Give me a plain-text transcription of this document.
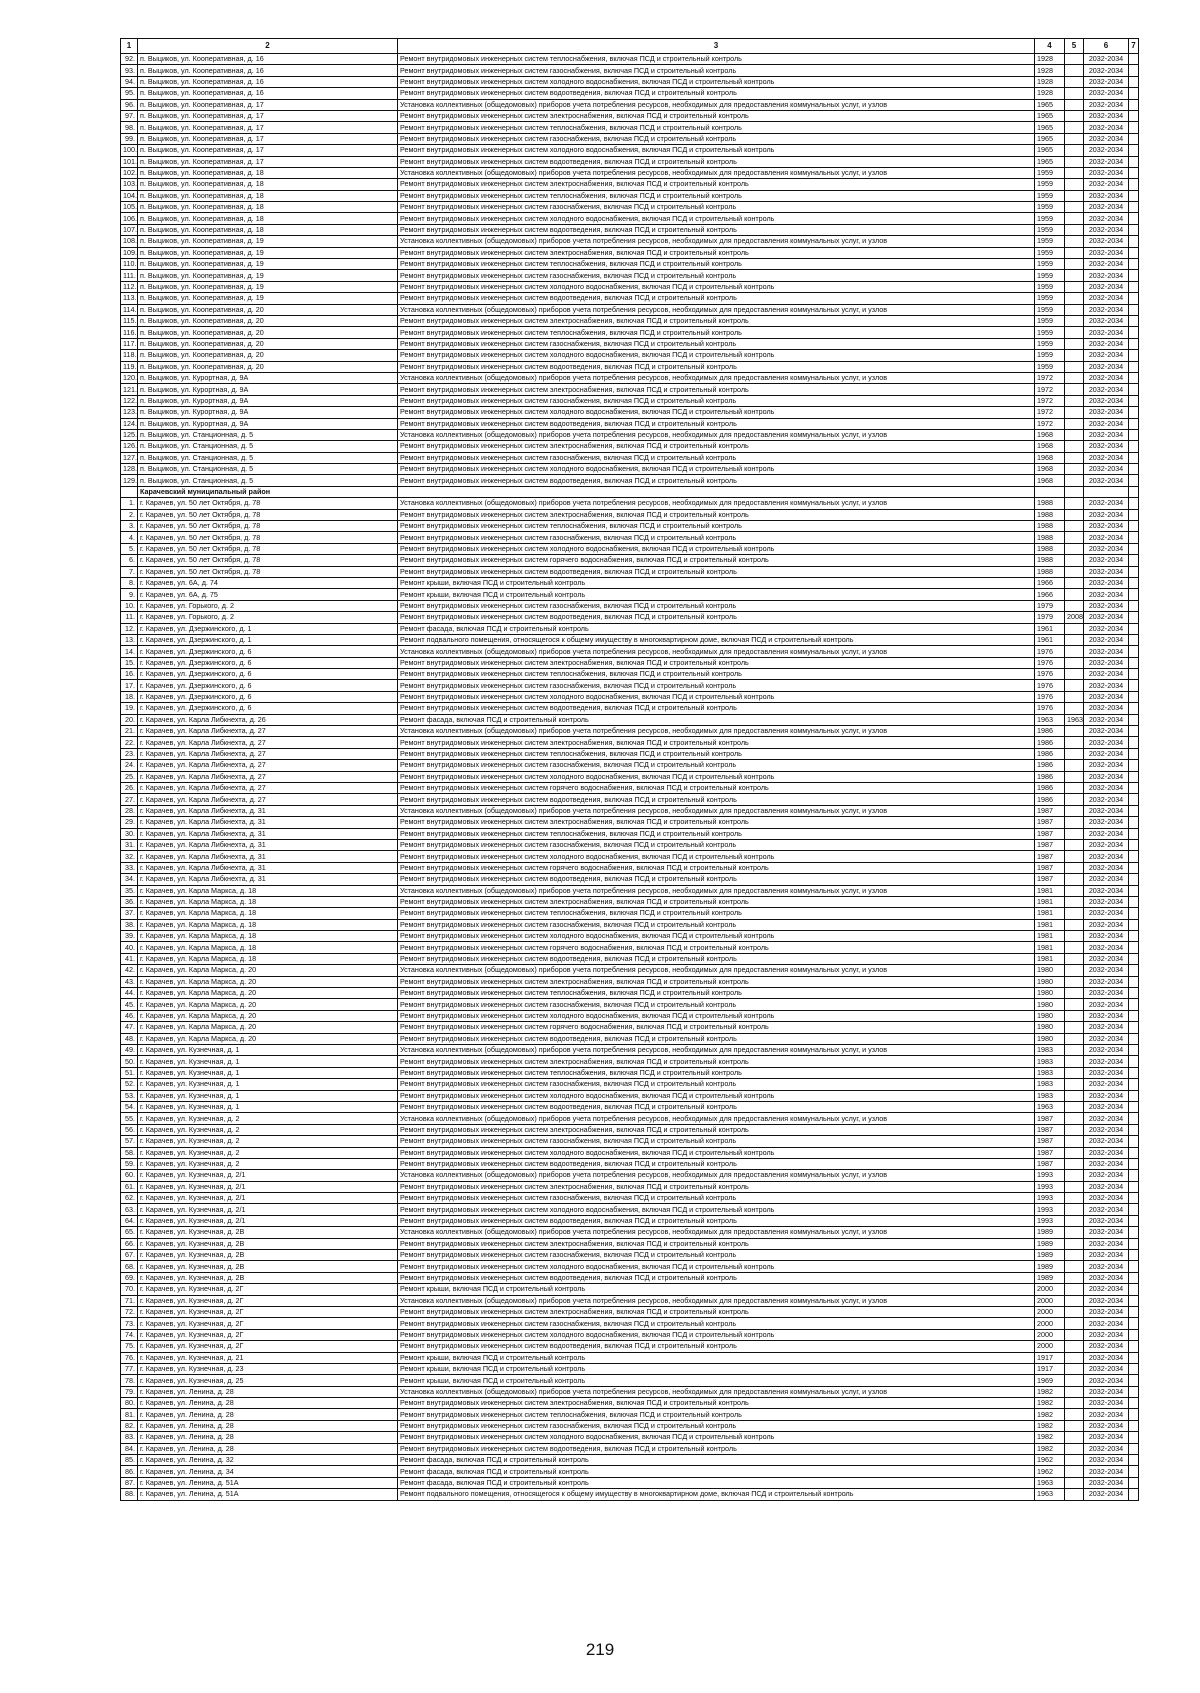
1	2	3	4	5	6	7
92.	п. Выциков, ул. Кооперативная, д. 16	Ремонт внутридомовых инженерных систем теплоснабжения, включая ПСД и строительный контроль	1928		2032-2034	
93.	п. Выциков, ул. Кооперативная, д. 16	Ремонт внутридомовых инженерных систем газоснабжения, включая ПСД и строительный контроль	1928		2032-2034	
94.	п. Выциков, ул. Кооперативная, д. 16	Ремонт внутридомовых инженерных систем холодного водоснабжения, включая ПСД и строительный контроль	1928		2032-2034	
95.	п. Выциков, ул. Кооперативная, д. 16	Ремонт внутридомовых инженерных систем водоотведения, включая ПСД и строительный контроль	1928		2032-2034	
96.	п. Выциков, ул. Кооперативная, д. 17	Установка коллективных (общедомовых) приборов учета потребления ресурсов, необходимых для предоставления коммунальных услуг, и узлов	1965		2032-2034	
97.	п. Выциков, ул. Кооперативная, д. 17	Ремонт внутридомовых инженерных систем электроснабжения, включая ПСД и строительный контроль	1965		2032-2034	
98.	п. Выциков, ул. Кооперативная, д. 17	Ремонт внутридомовых инженерных систем теплоснабжения, включая ПСД и строительный контроль	1965		2032-2034	
99.	п. Выциков, ул. Кооперативная, д. 17	Ремонт внутридомовых инженерных систем газоснабжения, включая ПСД и строительный контроль	1965		2032-2034	
100.	п. Выциков, ул. Кооперативная, д. 17	Ремонт внутридомовых инженерных систем холодного водоснабжения, включая ПСД и строительный контроль	1965		2032-2034	
101.	п. Выциков, ул. Кооперативная, д. 17	Ремонт внутридомовых инженерных систем водоотведения, включая ПСД и строительный контроль	1965		2032-2034	
102.	п. Выциков, ул. Кооперативная, д. 18	Установка коллективных (общедомовых) приборов учета потребления ресурсов, необходимых для предоставления коммунальных услуг, и узлов	1959		2032-2034	
103.	п. Выциков, ул. Кооперативная, д. 18	Ремонт внутридомовых инженерных систем электроснабжения, включая ПСД и строительный контроль	1959		2032-2034	
104.	п. Выциков, ул. Кооперативная, д. 18	Ремонт внутридомовых инженерных систем теплоснабжения, включая ПСД и строительный контроль	1959		2032-2034	
105.	п. Выциков, ул. Кооперативная, д. 18	Ремонт внутридомовых инженерных систем газоснабжения, включая ПСД и строительный контроль	1959		2032-2034	
106.	п. Выциков, ул. Кооперативная, д. 18	Ремонт внутридомовых инженерных систем холодного водоснабжения, включая ПСД и строительный контроль	1959		2032-2034	
107.	п. Выциков, ул. Кооперативная, д. 18	Ремонт внутридомовых инженерных систем водоотведения, включая ПСД и строительный контроль	1959		2032-2034	
108.	п. Выциков, ул. Кооперативная, д. 19	Установка коллективных (общедомовых) приборов учета потребления ресурсов, необходимых для предоставления коммунальных услуг, и узлов	1959		2032-2034	
109.	п. Выциков, ул. Кооперативная, д. 19	Ремонт внутридомовых инженерных систем электроснабжения, включая ПСД и строительный контроль	1959		2032-2034	
110.	п. Выциков, ул. Кооперативная, д. 19	Ремонт внутридомовых инженерных систем теплоснабжения, включая ПСД и строительный контроль	1959		2032-2034	
111.	п. Выциков, ул. Кооперативная, д. 19	Ремонт внутридомовых инженерных систем газоснабжения, включая ПСД и строительный контроль	1959		2032-2034	
112.	п. Выциков, ул. Кооперативная, д. 19	Ремонт внутридомовых инженерных систем холодного водоснабжения, включая ПСД и строительный контроль	1959		2032-2034	
113.	п. Выциков, ул. Кооперативная, д. 19	Ремонт внутридомовых инженерных систем водоотведения, включая ПСД и строительный контроль	1959		2032-2034	
114.	п. Выциков, ул. Кооперативная, д. 20	Установка коллективных (общедомовых) приборов учета потребления ресурсов, необходимых для предоставления коммунальных услуг, и узлов	1959		2032-2034	
115.	п. Выциков, ул. Кооперативная, д. 20	Ремонт внутридомовых инженерных систем электроснабжения, включая ПСД и строительный контроль	1959		2032-2034	
116.	п. Выциков, ул. Кооперативная, д. 20	Ремонт внутридомовых инженерных систем теплоснабжения, включая ПСД и строительный контроль	1959		2032-2034	
117.	п. Выциков, ул. Кооперативная, д. 20	Ремонт внутридомовых инженерных систем газоснабжения, включая ПСД и строительный контроль	1959		2032-2034	
118.	п. Выциков, ул. Кооперативная, д. 20	Ремонт внутридомовых инженерных систем холодного водоснабжения, включая ПСД и строительный контроль	1959		2032-2034	
119.	п. Выциков, ул. Кооперативная, д. 20	Ремонт внутридомовых инженерных систем водоотведения, включая ПСД и строительный контроль	1959		2032-2034	
120.	п. Выциков, ул. Курортная, д. 9А	Установка коллективных (общедомовых) приборов учета потребления ресурсов, необходимых для предоставления коммунальных услуг, и узлов	1972		2032-2034	
121.	п. Выциков, ул. Курортная, д. 9А	Ремонт внутридомовых инженерных систем электроснабжения, включая ПСД и строительный контроль	1972		2032-2034	
122.	п. Выциков, ул. Курортная, д. 9А	Ремонт внутридомовых инженерных систем газоснабжения, включая ПСД и строительный контроль	1972		2032-2034	
123.	п. Выциков, ул. Курортная, д. 9А	Ремонт внутридомовых инженерных систем холодного водоснабжения, включая ПСД и строительный контроль	1972		2032-2034	
124.	п. Выциков, ул. Курортная, д. 9А	Ремонт внутридомовых инженерных систем водоотведения, включая ПСД и строительный контроль	1972		2032-2034	
125.	п. Выциков, ул. Станционная, д. 5	Установка коллективных (общедомовых) приборов учета потребления ресурсов, необходимых для предоставления коммунальных услуг, и узлов	1968		2032-2034	
126.	п. Выциков, ул. Станционная, д. 5	Ремонт внутридомовых инженерных систем электроснабжения, включая ПСД и строительный контроль	1968		2032-2034	
127.	п. Выциков, ул. Станционная, д. 5	Ремонт внутридомовых инженерных систем газоснабжения, включая ПСД и строительный контроль	1968		2032-2034	
128.	п. Выциков, ул. Станционная, д. 5	Ремонт внутридомовых инженерных систем холодного водоснабжения, включая ПСД и строительный контроль	1968		2032-2034	
129.	п. Выциков, ул. Станционная, д. 5	Ремонт внутридомовых инженерных систем водоотведения, включая ПСД и строительный контроль	1968		2032-2034	
	Карачевский муниципальный район					
1.	г. Карачев, ул. 50 лет Октября, д. 78	Установка коллективных (общедомовых) приборов учета потребления ресурсов, необходимых для предоставления коммунальных услуг, и узлов	1988		2032-2034	
2.	г. Карачев, ул. 50 лет Октября, д. 78	Ремонт внутридомовых инженерных систем электроснабжения, включая ПСД и строительный контроль	1988		2032-2034	
3.	г. Карачев, ул. 50 лет Октября, д. 78	Ремонт внутридомовых инженерных систем теплоснабжения, включая ПСД и строительный контроль	1988		2032-2034	
4.	г. Карачев, ул. 50 лет Октября, д. 78	Ремонт внутридомовых инженерных систем газоснабжения, включая ПСД и строительный контроль	1988		2032-2034	
5.	г. Карачев, ул. 50 лет Октября, д. 78	Ремонт внутридомовых инженерных систем холодного водоснабжения, включая ПСД и строительный контроль	1988		2032-2034	
6.	г. Карачев, ул. 50 лет Октября, д. 78	Ремонт внутридомовых инженерных систем горячего водоснабжения, включая ПСД и строительный контроль	1988		2032-2034	
7.	г. Карачев, ул. 50 лет Октября, д. 78	Ремонт внутридомовых инженерных систем водоотведения, включая ПСД и строительный контроль	1988		2032-2034	
8.	г. Карачев, ул. 6А, д. 74	Ремонт крыши, включая ПСД и строительный контроль	1966		2032-2034	
9.	г. Карачев, ул. 6А, д. 75	Ремонт крыши, включая ПСД и строительный контроль	1966		2032-2034	
10.	г. Карачев, ул. Горького, д. 2	Ремонт внутридомовых инженерных систем газоснабжения, включая ПСД и строительный контроль	1979		2032-2034	
11.	г. Карачев, ул. Горького, д. 2	Ремонт внутридомовых инженерных систем водоотведения, включая ПСД и строительный контроль	1979	2008	2032-2034	
12.	г. Карачев, ул. Дзержинского, д. 1	Ремонт фасада, включая ПСД и строительный контроль	1961		2032-2034	
13.	г. Карачев, ул. Дзержинского, д. 1	Ремонт подвального помещения, относящегося к общему имуществу в многоквартирном доме, включая ПСД и строительный контроль	1961		2032-2034	
14.	г. Карачев, ул. Дзержинского, д. 6	Установка коллективных (общедомовых) приборов учета потребления ресурсов, необходимых для предоставления коммунальных услуг, и узлов	1976		2032-2034	
15.	г. Карачев, ул. Дзержинского, д. 6	Ремонт внутридомовых инженерных систем электроснабжения, включая ПСД и строительный контроль	1976		2032-2034	
16.	г. Карачев, ул. Дзержинского, д. 6	Ремонт внутридомовых инженерных систем теплоснабжения, включая ПСД и строительный контроль	1976		2032-2034	
17.	г. Карачев, ул. Дзержинского, д. 6	Ремонт внутридомовых инженерных систем газоснабжения, включая ПСД и строительный контроль	1976		2032-2034	
18.	г. Карачев, ул. Дзержинского, д. 6	Ремонт внутридомовых инженерных систем холодного водоснабжения, включая ПСД и строительный контроль	1976		2032-2034	
19.	г. Карачев, ул. Дзержинского, д. 6	Ремонт внутридомовых инженерных систем водоотведения, включая ПСД и строительный контроль	1976		2032-2034	
20.	г. Карачев, ул. Карла Либкнехта, д. 26	Ремонт фасада, включая ПСД и строительный контроль	1963	1963	2032-2034	
21.	г. Карачев, ул. Карла Либкнехта, д. 27	Установка коллективных (общедомовых) приборов учета потребления ресурсов, необходимых для предоставления коммунальных услуг, и узлов	1986		2032-2034	
22.	г. Карачев, ул. Карла Либкнехта, д. 27	Ремонт внутридомовых инженерных систем электроснабжения, включая ПСД и строительный контроль	1986		2032-2034	
23.	г. Карачев, ул. Карла Либкнехта, д. 27	Ремонт внутридомовых инженерных систем теплоснабжения, включая ПСД и строительный контроль	1986		2032-2034	
24.	г. Карачев, ул. Карла Либкнехта, д. 27	Ремонт внутридомовых инженерных систем газоснабжения, включая ПСД и строительный контроль	1986		2032-2034	
25.	г. Карачев, ул. Карла Либкнехта, д. 27	Ремонт внутридомовых инженерных систем холодного водоснабжения, включая ПСД и строительный контроль	1986		2032-2034	
26.	г. Карачев, ул. Карла Либкнехта, д. 27	Ремонт внутридомовых инженерных систем горячего водоснабжения, включая ПСД и строительный контроль	1986		2032-2034	
27.	г. Карачев, ул. Карла Либкнехта, д. 27	Ремонт внутридомовых инженерных систем водоотведения, включая ПСД и строительный контроль	1986		2032-2034	
28.	г. Карачев, ул. Карла Либкнехта, д. 31	Установка коллективных (общедомовых) приборов учета потребления ресурсов, необходимых для предоставления коммунальных услуг, и узлов	1987		2032-2034	
29.	г. Карачев, ул. Карла Либкнехта, д. 31	Ремонт внутридомовых инженерных систем электроснабжения, включая ПСД и строительный контроль	1987		2032-2034	
30.	г. Карачев, ул. Карла Либкнехта, д. 31	Ремонт внутридомовых инженерных систем теплоснабжения, включая ПСД и строительный контроль	1987		2032-2034	
31.	г. Карачев, ул. Карла Либкнехта, д. 31	Ремонт внутридомовых инженерных систем газоснабжения, включая ПСД и строительный контроль	1987		2032-2034	
32.	г. Карачев, ул. Карла Либкнехта, д. 31	Ремонт внутридомовых инженерных систем холодного водоснабжения, включая ПСД и строительный контроль	1987		2032-2034	
33.	г. Карачев, ул. Карла Либкнехта, д. 31	Ремонт внутридомовых инженерных систем горячего водоснабжения, включая ПСД и строительный контроль	1987		2032-2034	
34.	г. Карачев, ул. Карла Либкнехта, д. 31	Ремонт внутридомовых инженерных систем водоотведения, включая ПСД и строительный контроль	1987		2032-2034	
35.	г. Карачев, ул. Карла Маркса, д. 18	Установка коллективных (общедомовых) приборов учета потребления ресурсов, необходимых для предоставления коммунальных услуг, и узлов	1981		2032-2034	
36.	г. Карачев, ул. Карла Маркса, д. 18	Ремонт внутридомовых инженерных систем электроснабжения, включая ПСД и строительный контроль	1981		2032-2034	
37.	г. Карачев, ул. Карла Маркса, д. 18	Ремонт внутридомовых инженерных систем теплоснабжения, включая ПСД и строительный контроль	1981		2032-2034	
38.	г. Карачев, ул. Карла Маркса, д. 18	Ремонт внутридомовых инженерных систем газоснабжения, включая ПСД и строительный контроль	1981		2032-2034	
39.	г. Карачев, ул. Карла Маркса, д. 18	Ремонт внутридомовых инженерных систем холодного водоснабжения, включая ПСД и строительный контроль	1981		2032-2034	
40.	г. Карачев, ул. Карла Маркса, д. 18	Ремонт внутридомовых инженерных систем горячего водоснабжения, включая ПСД и строительный контроль	1981		2032-2034	
41.	г. Карачев, ул. Карла Маркса, д. 18	Ремонт внутридомовых инженерных систем водоотведения, включая ПСД и строительный контроль	1981		2032-2034	
42.	г. Карачев, ул. Карла Маркса, д. 20	Установка коллективных (общедомовых) приборов учета потребления ресурсов, необходимых для предоставления коммунальных услуг, и узлов	1980		2032-2034	
43.	г. Карачев, ул. Карла Маркса, д. 20	Ремонт внутридомовых инженерных систем электроснабжения, включая ПСД и строительный контроль	1980		2032-2034	
44.	г. Карачев, ул. Карла Маркса, д. 20	Ремонт внутридомовых инженерных систем теплоснабжения, включая ПСД и строительный контроль	1980		2032-2034	
45.	г. Карачев, ул. Карла Маркса, д. 20	Ремонт внутридомовых инженерных систем газоснабжения, включая ПСД и строительный контроль	1980		2032-2034	
46.	г. Карачев, ул. Карла Маркса, д. 20	Ремонт внутридомовых инженерных систем холодного водоснабжения, включая ПСД и строительный контроль	1980		2032-2034	
47.	г. Карачев, ул. Карла Маркса, д. 20	Ремонт внутридомовых инженерных систем горячего водоснабжения, включая ПСД и строительный контроль	1980		2032-2034	
48.	г. Карачев, ул. Карла Маркса, д. 20	Ремонт внутридомовых инженерных систем водоотведения, включая ПСД и строительный контроль	1980		2032-2034	
49.	г. Карачев, ул. Кузнечная, д. 1	Установка коллективных (общедомовых) приборов учета потребления ресурсов, необходимых для предоставления коммунальных услуг, и узлов	1983		2032-2034	
50.	г. Карачев, ул. Кузнечная, д. 1	Ремонт внутридомовых инженерных систем электроснабжения, включая ПСД и строительный контроль	1983		2032-2034	
51.	г. Карачев, ул. Кузнечная, д. 1	Ремонт внутридомовых инженерных систем теплоснабжения, включая ПСД и строительный контроль	1983		2032-2034	
52.	г. Карачев, ул. Кузнечная, д. 1	Ремонт внутридомовых инженерных систем газоснабжения, включая ПСД и строительный контроль	1983		2032-2034	
53.	г. Карачев, ул. Кузнечная, д. 1	Ремонт внутридомовых инженерных систем холодного водоснабжения, включая ПСД и строительный контроль	1983		2032-2034	
54.	г. Карачев, ул. Кузнечная, д. 1	Ремонт внутридомовых инженерных систем водоотведения, включая ПСД и строительный контроль	1963		2032-2034	
55.	г. Карачев, ул. Кузнечная, д. 2	Установка коллективных (общедомовых) приборов учета потребления ресурсов, необходимых для предоставления коммунальных услуг, и узлов	1987		2032-2034	
56.	г. Карачев, ул. Кузнечная, д. 2	Ремонт внутридомовых инженерных систем электроснабжения, включая ПСД и строительный контроль	1987		2032-2034	
57.	г. Карачев, ул. Кузнечная, д. 2	Ремонт внутридомовых инженерных систем газоснабжения, включая ПСД и строительный контроль	1987		2032-2034	
58.	г. Карачев, ул. Кузнечная, д. 2	Ремонт внутридомовых инженерных систем холодного водоснабжения, включая ПСД и строительный контроль	1987		2032-2034	
59.	г. Карачев, ул. Кузнечная, д. 2	Ремонт внутридомовых инженерных систем водоотведения, включая ПСД и строительный контроль	1987		2032-2034	
60.	г. Карачев, ул. Кузнечная, д. 2/1	Установка коллективных (общедомовых) приборов учета потребления ресурсов, необходимых для предоставления коммунальных услуг, и узлов	1993		2032-2034	
61.	г. Карачев, ул. Кузнечная, д. 2/1	Ремонт внутридомовых инженерных систем электроснабжения, включая ПСД и строительный контроль	1993		2032-2034	
62.	г. Карачев, ул. Кузнечная, д. 2/1	Ремонт внутридомовых инженерных систем газоснабжения, включая ПСД и строительный контроль	1993		2032-2034	
63.	г. Карачев, ул. Кузнечная, д. 2/1	Ремонт внутридомовых инженерных систем холодного водоснабжения, включая ПСД и строительный контроль	1993		2032-2034	
64.	г. Карачев, ул. Кузнечная, д. 2/1	Ремонт внутридомовых инженерных систем водоотведения, включая ПСД и строительный контроль	1993		2032-2034	
65.	г. Карачев, ул. Кузнечная, д. 2В	Установка коллективных (общедомовых) приборов учета потребления ресурсов, необходимых для предоставления коммунальных услуг, и узлов	1989		2032-2034	
66.	г. Карачев, ул. Кузнечная, д. 2В	Ремонт внутридомовых инженерных систем электроснабжения, включая ПСД и строительный контроль	1989		2032-2034	
67.	г. Карачев, ул. Кузнечная, д. 2В	Ремонт внутридомовых инженерных систем газоснабжения, включая ПСД и строительный контроль	1989		2032-2034	
68.	г. Карачев, ул. Кузнечная, д. 2В	Ремонт внутридомовых инженерных систем холодного водоснабжения, включая ПСД и строительный контроль	1989		2032-2034	
69.	г. Карачев, ул. Кузнечная, д. 2В	Ремонт внутридомовых инженерных систем водоотведения, включая ПСД и строительный контроль	1989		2032-2034	
70.	г. Карачев, ул. Кузнечная, д. 2Г	Ремонт крыши, включая ПСД и строительный контроль	2000		2032-2034	
71.	г. Карачев, ул. Кузнечная, д. 2Г	Установка коллективных (общедомовых) приборов учета потребления ресурсов, необходимых для предоставления коммунальных услуг, и узлов	2000		2032-2034	
72.	г. Карачев, ул. Кузнечная, д. 2Г	Ремонт внутридомовых инженерных систем электроснабжения, включая ПСД и строительный контроль	2000		2032-2034	
73.	г. Карачев, ул. Кузнечная, д. 2Г	Ремонт внутридомовых инженерных систем газоснабжения, включая ПСД и строительный контроль	2000		2032-2034	
74.	г. Карачев, ул. Кузнечная, д. 2Г	Ремонт внутридомовых инженерных систем холодного водоснабжения, включая ПСД и строительный контроль	2000		2032-2034	
75.	г. Карачев, ул. Кузнечная, д. 2Г	Ремонт внутридомовых инженерных систем водоотведения, включая ПСД и строительный контроль	2000		2032-2034	
76.	г. Карачев, ул. Кузнечная, д. 21	Ремонт крыши, включая ПСД и строительный контроль	1917		2032-2034	
77.	г. Карачев, ул. Кузнечная, д. 23	Ремонт крыши, включая ПСД и строительный контроль	1917		2032-2034	
78.	г. Карачев, ул. Кузнечная, д. 25	Ремонт крыши, включая ПСД и строительный контроль	1969		2032-2034	
79.	г. Карачев, ул. Ленина, д. 28	Установка коллективных (общедомовых) приборов учета потребления ресурсов, необходимых для предоставления коммунальных услуг, и узлов	1982		2032-2034	
80.	г. Карачев, ул. Ленина, д. 28	Ремонт внутридомовых инженерных систем электроснабжения, включая ПСД и строительный контроль	1982		2032-2034	
81.	г. Карачев, ул. Ленина, д. 28	Ремонт внутридомовых инженерных систем теплоснабжения, включая ПСД и строительный контроль	1982		2032-2034	
82.	г. Карачев, ул. Ленина, д. 28	Ремонт внутридомовых инженерных систем газоснабжения, включая ПСД и строительный контроль	1982		2032-2034	
83.	г. Карачев, ул. Ленина, д. 28	Ремонт внутридомовых инженерных систем холодного водоснабжения, включая ПСД и строительный контроль	1982		2032-2034	
84.	г. Карачев, ул. Ленина, д. 28	Ремонт внутридомовых инженерных систем водоотведения, включая ПСД и строительный контроль	1982		2032-2034	
85.	г. Карачев, ул. Ленина, д. 32	Ремонт фасада, включая ПСД и строительный контроль	1962		2032-2034	
86.	г. Карачев, ул. Ленина, д. 34	Ремонт фасада, включая ПСД и строительный контроль	1962		2032-2034	
87.	г. Карачев, ул. Ленина, д. 51А	Ремонт фасада, включая ПСД и строительный контроль	1963		2032-2034	
88.	г. Карачев, ул. Ленина, д. 51А	Ремонт подвального помещения, относящегося к общему имуществу в многоквартирном доме, включая ПСД и строительный контроль	1963		2032-2034	
219
